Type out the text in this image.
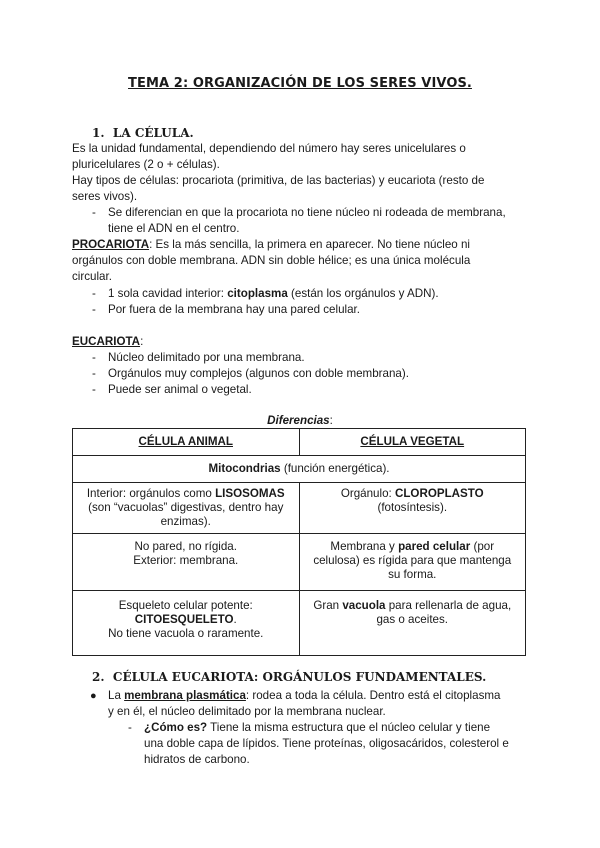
TEMA 2: ORGANIZACIÓN DE LOS SERES VIVOS.
1. LA CÉLULA.
Es la unidad fundamental, dependiendo del número hay seres unicelulares o
pluricelulares (2 o + células).
Hay tipos de células: procariota (primitiva, de las bacterias) y eucariota (resto de
seres vivos).
- Se diferencian en que la procariota no tiene núcleo ni rodeada de membrana,
tiene el ADN en el centro.
PROCARIOTA: Es la más sencilla, la primera en aparecer. No tiene núcleo ni
orgánulos con doble membrana. ADN sin doble hélice; es una única molécula
circular.
- 1 sola cavidad interior: citoplasma (están los orgánulos y ADN).
- Por fuera de la membrana hay una pared celular.
EUCARIOTA:
- Núcleo delimitado por una membrana.
- Orgánulos muy complejos (algunos con doble membrana).
- Puede ser animal o vegetal.
Diferencias:
CÉLULA ANIMAL	CÉLULA VEGETAL
Mitocondrias (función energética).	
Interior: orgánulos como LISOSOMAS
(son “vacuolas” digestivas, dentro hay
enzimas).	Orgánulo: CLOROPLASTO
(fotosíntesis).
No pared, no rígida.
Exterior: membrana.	Membrana y pared celular (por
celulosa) es rígida para que mantenga
su forma.
Esqueleto celular potente:
CITOESQUELETO.
No tiene vacuola o raramente.	Gran vacuola para rellenarla de agua,
gas o aceites.
2. CÉLULA EUCARIOTA: ORGÁNULOS FUNDAMENTALES.
● La membrana plasmática: rodea a toda la célula. Dentro está el citoplasma
y en él, el núcleo delimitado por la membrana nuclear.
- ¿Cómo es? Tiene la misma estructura que el núcleo celular y tiene
una doble capa de lípidos. Tiene proteínas, oligosacáridos, colesterol e
hidratos de carbono.
